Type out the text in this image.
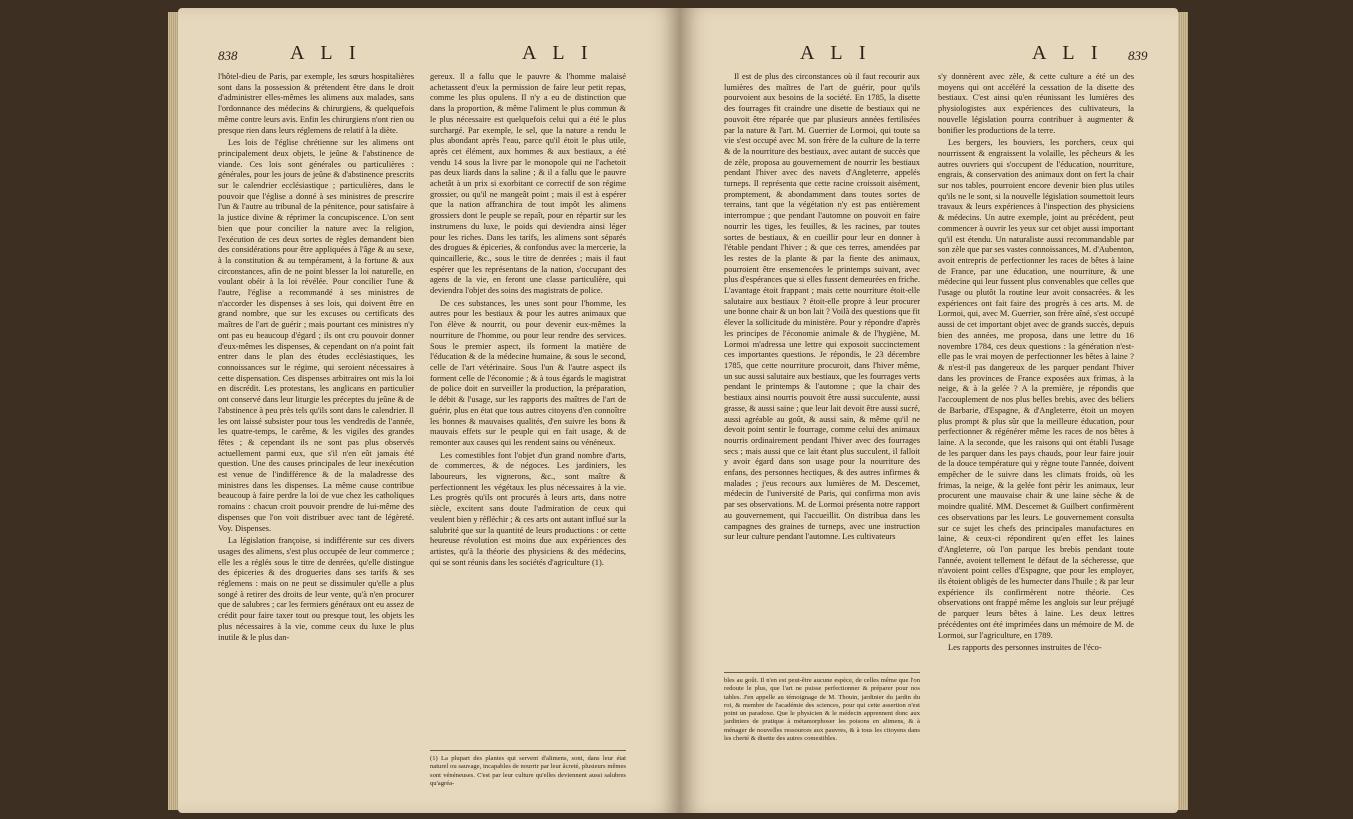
838	A L I	A L I

l'hôtel-dieu de Paris, par exemple, les sœurs hospitalières sont dans la possession & prétendent être dans le droit d'administrer elles-mêmes les alimens aux malades, sans l'ordonnance des médecins & chirurgiens, & quelquefois même contre leurs avis. Enfin les chirurgiens n'ont rien ou presque rien dans leurs réglemens de relatif à la diète.

Les lois de l'église chrétienne sur les alimens ont principalement deux objets, le jeûne & l'abstinence de viande. Ces lois sont générales ou particulières : générales, pour les jours de jeûne & d'abstinence prescrits sur le calendrier ecclésiastique ; particulières, dans le pouvoir que l'église a donné à ses ministres de prescrire l'un & l'autre au tribunal de la pénitence, pour satisfaire à la justice divine & réprimer la concupiscence. L'on sent bien que pour concilier la nature avec la religion, l'exécution de ces deux sortes de règles demandent bien des considérations pour être appliquées à l'âge & au sexe, à la constitution & au tempérament, à la fortune & aux circonstances, afin de ne point blesser la loi naturelle, en voulant obéir à la loi révélée. Pour concilier l'une & l'autre, l'église a recommandé à ses ministres de n'accorder les dispenses à ses lois, qui doivent être en grand nombre, que sur les excuses ou certificats des maîtres de l'art de guérir ; mais pourtant ces ministres n'y ont pas eu beaucoup d'égard ; ils ont cru pouvoir donner d'eux-mêmes les dispenses, & cependant on n'a point fait entrer dans le plan des études ecclésiastiques, les connoissances sur le régime, qui seroient nécessaires à cette dispensation. Ces dispenses arbitraires ont mis la loi en discrédit. Les protestans, les anglicans en particulier ont conservé dans leur liturgie les préceptes du jeûne & de l'abstinence à peu près tels qu'ils sont dans le calendrier. Il les ont laissé subsister pour tous les vendredis de l'année, les quatre-temps, le carême, & les vigiles des grandes fêtes ; & cependant ils ne sont pas plus observés actuellement parmi eux, que s'il n'en eût jamais été question. Une des causes principales de leur inexécution est venue de l'indifférence & de la maladresse des ministres dans les dispenses. La même cause contribue beaucoup à faire perdre la loi de vue chez les catholiques romains : chacun croit pouvoir prendre de lui-même des dispenses que l'on voit distribuer avec tant de légèreté. Voy. Dispenses.

La législation françoise, si indifférente sur ces divers usages des alimens, s'est plus occupée de leur commerce ; elle les a réglés sous le titre de denrées, qu'elle distingue des épiceries & des drogueries dans ses tarifs & ses réglemens : mais on ne peut se dissimuler qu'elle a plus songé à retirer des droits de leur vente, qu'à n'en procurer que de salubres ; car les fermiers généraux ont eu assez de crédit pour faire taxer tout ou presque tout, les objets les plus nécessaires à la vie, comme ceux du luxe le plus inutile & le plus dan-

gereux. Il a fallu que le pauvre & l'homme malaisé achetassent d'eux la permission de faire leur petit repas, comme les plus opulens. Il n'y a eu de distinction que dans la proportion, & même l'aliment le plus commun & le plus nécessaire est quelquefois celui qui a été le plus surchargé. Par exemple, le sel, que la nature a rendu le plus abondant après l'eau, parce qu'il étoit le plus utile, après cet élément, aux hommes & aux bestiaux, a été vendu 14 sous la livre par le monopole qui ne l'achetoit pas deux liards dans la saline ; & il a fallu que le pauvre achetât à un prix si exorbitant ce correctif de son régime grossier, ou qu'il ne mangeât point ; mais il est à espérer que la nation affranchira de tout impôt les alimens grossiers dont le peuple se repaît, pour en répartir sur les instrumens du luxe, le poids qui deviendra ainsi léger pour les riches. Dans les tarifs, les alimens sont séparés des drogues & épiceries, & confondus avec la mercerie, la quincaillerie, &c., sous le titre de denrées ; mais il faut espérer que les représentans de la nation, s'occupant des agens de la vie, en feront une classe particulière, qui deviendra l'objet des soins des magistrats de police.

De ces substances, les unes sont pour l'homme, les autres pour les bestiaux & pour les autres animaux que l'on élève & nourrit, ou pour devenir eux-mêmes la nourriture de l'homme, ou pour leur rendre des services. Sous le premier aspect, ils forment la matière de l'éducation & de la médecine humaine, & sous le second, celle de l'art vétérinaire. Sous l'un & l'autre aspect ils forment celle de l'économie ; & à tous égards le magistrat de police doit en surveiller la production, la préparation, le débit & l'usage, sur les rapports des maîtres de l'art de guérir, plus en état que tous autres citoyens d'en connoître les bonnes & mauvaises qualités, d'en suivre les bons & mauvais effets sur le peuple qui en fait usage, & de remonter aux causes qui les rendent sains ou vénéneux.

Les comestibles font l'objet d'un grand nombre d'arts, de commerces, & de négoces. Les jardiniers, les laboureurs, les vignerons, &c., sont maître & perfectionnent les végétaux les plus nécessaires à la vie. Les progrès qu'ils ont procurés à leurs arts, dans notre siècle, excitent sans doute l'admiration de ceux qui veulent bien y réfléchir ; & ces arts ont autant influé sur la salubrité que sur la quantité de leurs productions : or cette heureuse révolution est moins due aux expériences des artistes, qu'à la théorie des physiciens & des médecins, qui se sont réunis dans les sociétés d'agriculture (1).

(1) La plupart des plantes qui servent d'alimens, sont, dans leur état naturel ou sauvage, incapables de nourrir par leur âcreté, plusieurs mêmes sont vénéneuses. C'est par leur culture qu'elles deviennent aussi salubres qu'agréa-
A L I	A L I 839

Il est de plus des circonstances où il faut recourir aux lumières des maîtres de l'art de guérir, pour qu'ils pourvoient aux besoins de la société. En 1785, la disette des fourrages fit craindre une disette de bestiaux qui ne pouvoit être réparée que par plusieurs années fertilisées par la nature & l'art. M. Guerrier de Lormoi, qui toute sa vie s'est occupé avec M. son frère de la culture de la terre & de la nourriture des bestiaux, avec autant de succès que de zèle, proposa au gouvernement de nourrir les bestiaux pendant l'hiver avec des navets d'Angleterre, appelés turneps. Il représenta que cette racine croissoit aisément, promptement, & abondamment dans toutes sortes de terrains, tant que la végétation n'y est pas entièrement interrompue ; que pendant l'automne on pouvoit en faire nourrir les tiges, les feuilles, & les racines, par toutes sortes de bestiaux, & en cueillir pour leur en donner à l'étable pendant l'hiver ; & que ces terres, amendées par les restes de la plante & par la fiente des animaux, pourroient être ensemencées le printemps suivant, avec plus d'espérances que si elles fussent demeurées en friche. L'avantage étoit frappant ; mais cette nourriture étoit-elle salutaire aux bestiaux ? étoit-elle propre à leur procurer une bonne chair & un bon lait ? Voilà des questions que fit élever la sollicitude du ministère. Pour y répondre d'après les principes de l'économie animale & de l'hygiène, M. Lormoi m'adressa une lettre qui exposoit succinctement ces importantes questions. Je répondis, le 23 décembre 1785, que cette nourriture procuroit, dans l'hiver même, un suc aussi salutaire aux bestiaux, que les fourrages verts pendant le printemps & l'automne ; que la chair des bestiaux ainsi nourris pouvoit être aussi succulente, aussi grasse, & aussi saine ; que leur lait devoit être aussi sucré, aussi agréable au goût, & aussi sain, & même qu'il ne devoit point sentir le fourrage, comme celui des animaux nourris ordinairement pendant l'hiver avec des fourrages secs ; mais aussi que ce lait étant plus succulent, il falloit y avoir égard dans son usage pour la nourriture des enfans, des personnes hectiques, & des autres infirmes & malades ; j'eus recours aux lumières de M. Descemet, médecin de l'université de Paris, qui confirma mon avis par ses observations. M. de Lormoi présenta notre rapport au gouvernement, qui l'accueillit. On distribua dans les campagnes des graines de turneps, avec une instruction sur leur culture pendant l'automne. Les cultivateurs

bles au goût. Il n'en est peut-être aucune espèce, de celles même que l'on redoute le plus, que l'art ne puisse perfectionner & préparer pour nos tables. J'en appelle au témoignage de M. Thouin, jardinier du jardin du roi, & membre de l'académie des sciences, pour qui cette assertion n'est point un paradoxe. Que le physicien & le médecin apprennent donc aux jardiniers de pratique à métamorphoser les poisons en alimens, & à ménager de nouvelles ressources aux pauvres, & à tous les citoyens dans les cherté & disette des autres comestibles.

s'y donnèrent avec zèle, & cette culture a été un des moyens qui ont accéléré la cessation de la disette des bestiaux. C'est ainsi qu'en réunissant les lumières des physiologistes aux expériences des cultivateurs, la nouvelle législation pourra contribuer à augmenter & bonifier les productions de la terre.

Les bergers, les bouviers, les porchers, ceux qui nourrissent & engraissent la volaille, les pêcheurs & les autres ouvriers qui s'occupent de l'éducation, nourriture, engrais, & conservation des animaux dont on fert la chair sur nos tables, pourroient encore devenir bien plus utiles qu'ils ne le sont, si la nouvelle législation soumettoit leurs travaux & leurs expériences à l'inspection des physiciens & médecins. Un autre exemple, joint au précédent, peut commencer à ouvrir les yeux sur cet objet aussi important qu'il est étendu. Un naturaliste aussi recommandable par son zèle que par ses vastes connoissances, M. d'Aubenton, avoit entrepris de perfectionner les races de bêtes à laine de France, par une éducation, une nourriture, & une médecine qui leur fussent plus convenables que celles que l'usage ou plutôt la routine leur avoit consacrées. & les expériences ont fait faire des progrès à ces arts. M. de Lormoi, qui, avec M. Guerrier, son frère aîné, s'est occupé aussi de cet important objet avec de grands succès, depuis bien des années, me proposa, dans une lettre du 16 novembre 1784, ces deux questions : la génération n'est-elle pas le vrai moyen de perfectionner les bêtes à laine ? & n'est-il pas dangereux de les parquer pendant l'hiver dans les provinces de France exposées aux frimas, à la neige, & à la gelée ? A la première, je répondis que l'accouplement de nos plus belles brebis, avec des béliers de Barbarie, d'Espagne, & d'Angleterre, étoit un moyen plus prompt & plus sûr que la meilleure éducation, pour perfectionner & régénérer même les races de nos bêtes à laine. A la seconde, que les raisons qui ont établi l'usage de les parquer dans les pays chauds, pour leur faire jouir de la douce température qui y règne toute l'année, doivent empêcher de le suivre dans les climats froids, où les frimas, la neige, & la gelée font périr les animaux, leur procurent une mauvaise chair & une laine sèche & de moindre qualité. MM. Descemet & Guilbert confirmèrent ces observations par les leurs. Le gouvernement consulta sur ce sujet les chefs des principales manufactures en laine, & ceux-ci répondirent qu'en effet les laines d'Angleterre, où l'on parque les brebis pendant toute l'année, avoient tellement le défaut de la sécheresse, que n'avoient point celles d'Espagne, que pour les employer, ils étoient obligés de les humecter dans l'huile ; & par leur expérience ils confirmèrent notre théorie. Ces observations ont frappé même les anglois sur leur préjugé de parquer leurs bêtes à laine. Les deux lettres précédentes ont été imprimées dans un mémoire de M. de Lormoi, sur l'agriculture, en 1789.

Les rapports des personnes instruites de l'éco-
